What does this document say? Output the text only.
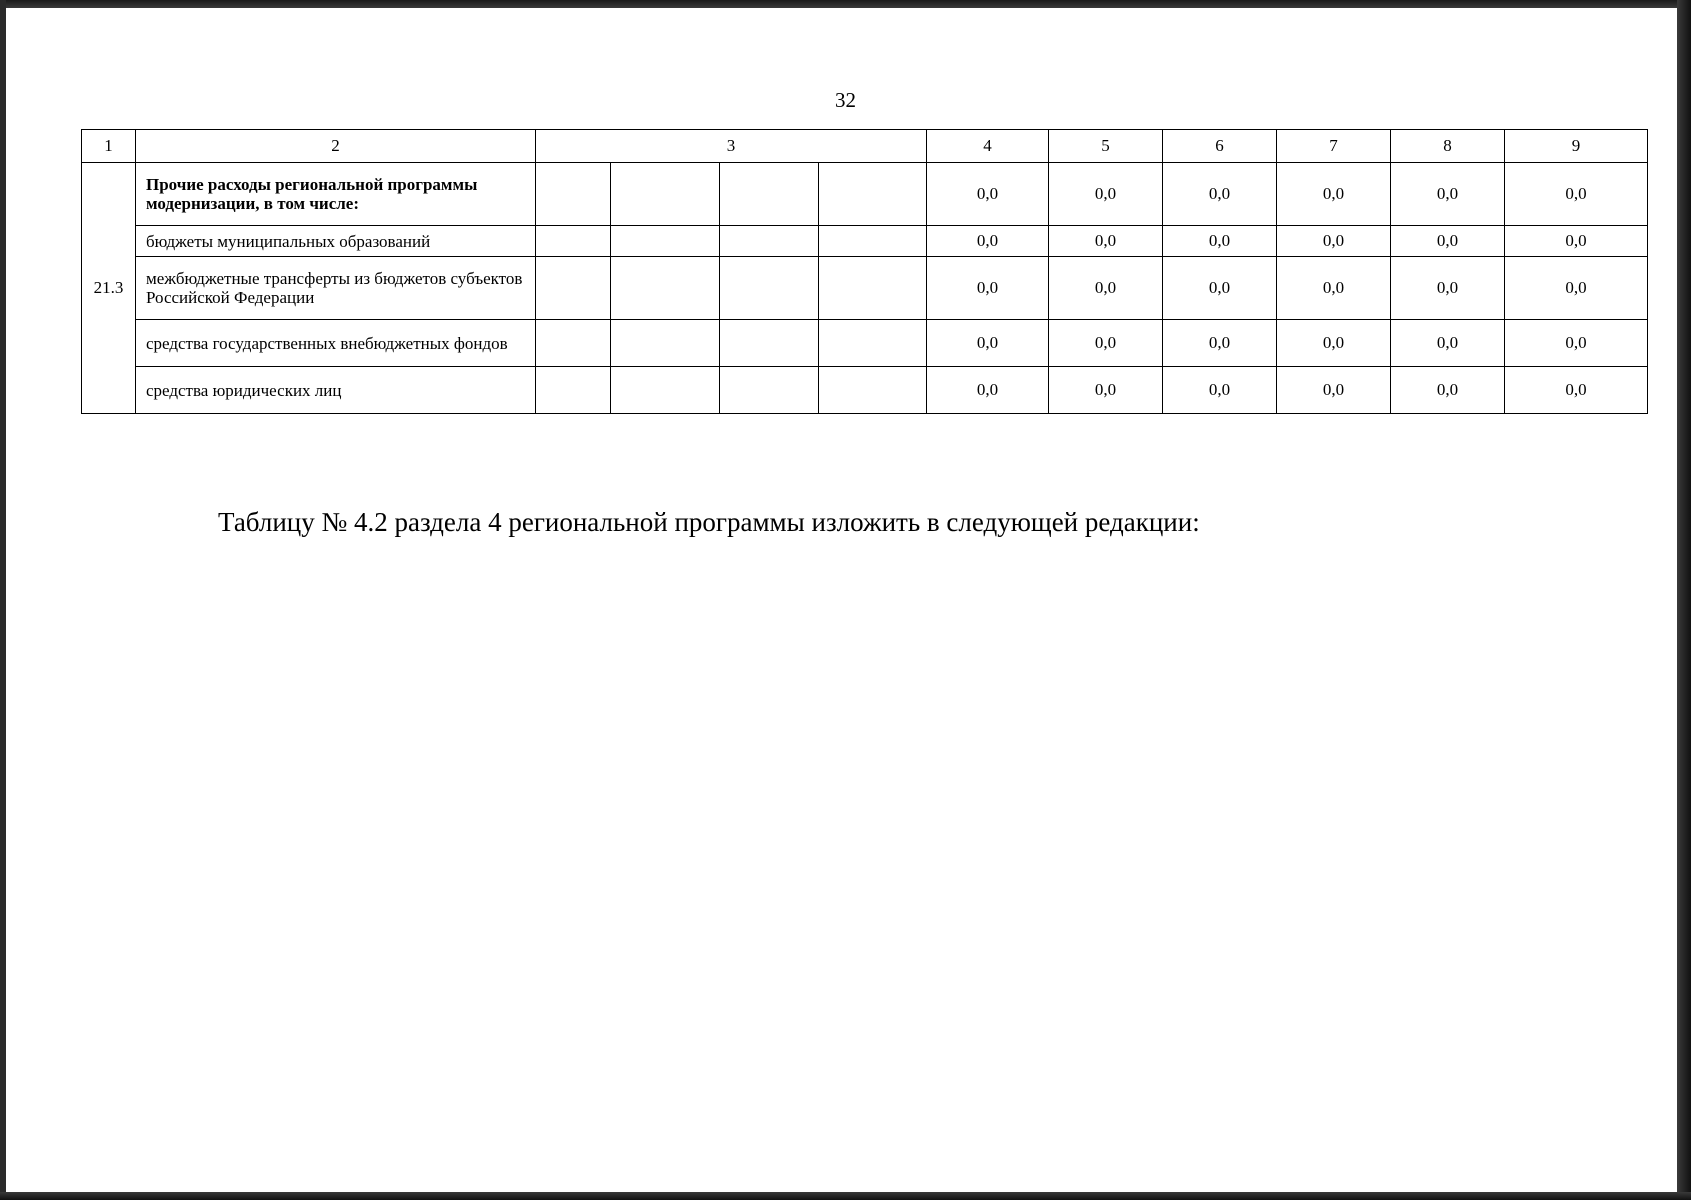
32
1	2	3				4	5	6	7	8	9
21.3	Прочие расходы региональной программы модернизации, в том числе:					0,0	0,0	0,0	0,0	0,0	0,0
	бюджеты муниципальных образований					0,0	0,0	0,0	0,0	0,0	0,0
	межбюджетные трансферты из бюджетов субъектов Российской Федерации					0,0	0,0	0,0	0,0	0,0	0,0
	средства государственных внебюджетных фондов					0,0	0,0	0,0	0,0	0,0	0,0
	средства юридических лиц					0,0	0,0	0,0	0,0	0,0	0,0
Таблицу № 4.2 раздела 4 региональной программы изложить в следующей редакции:
